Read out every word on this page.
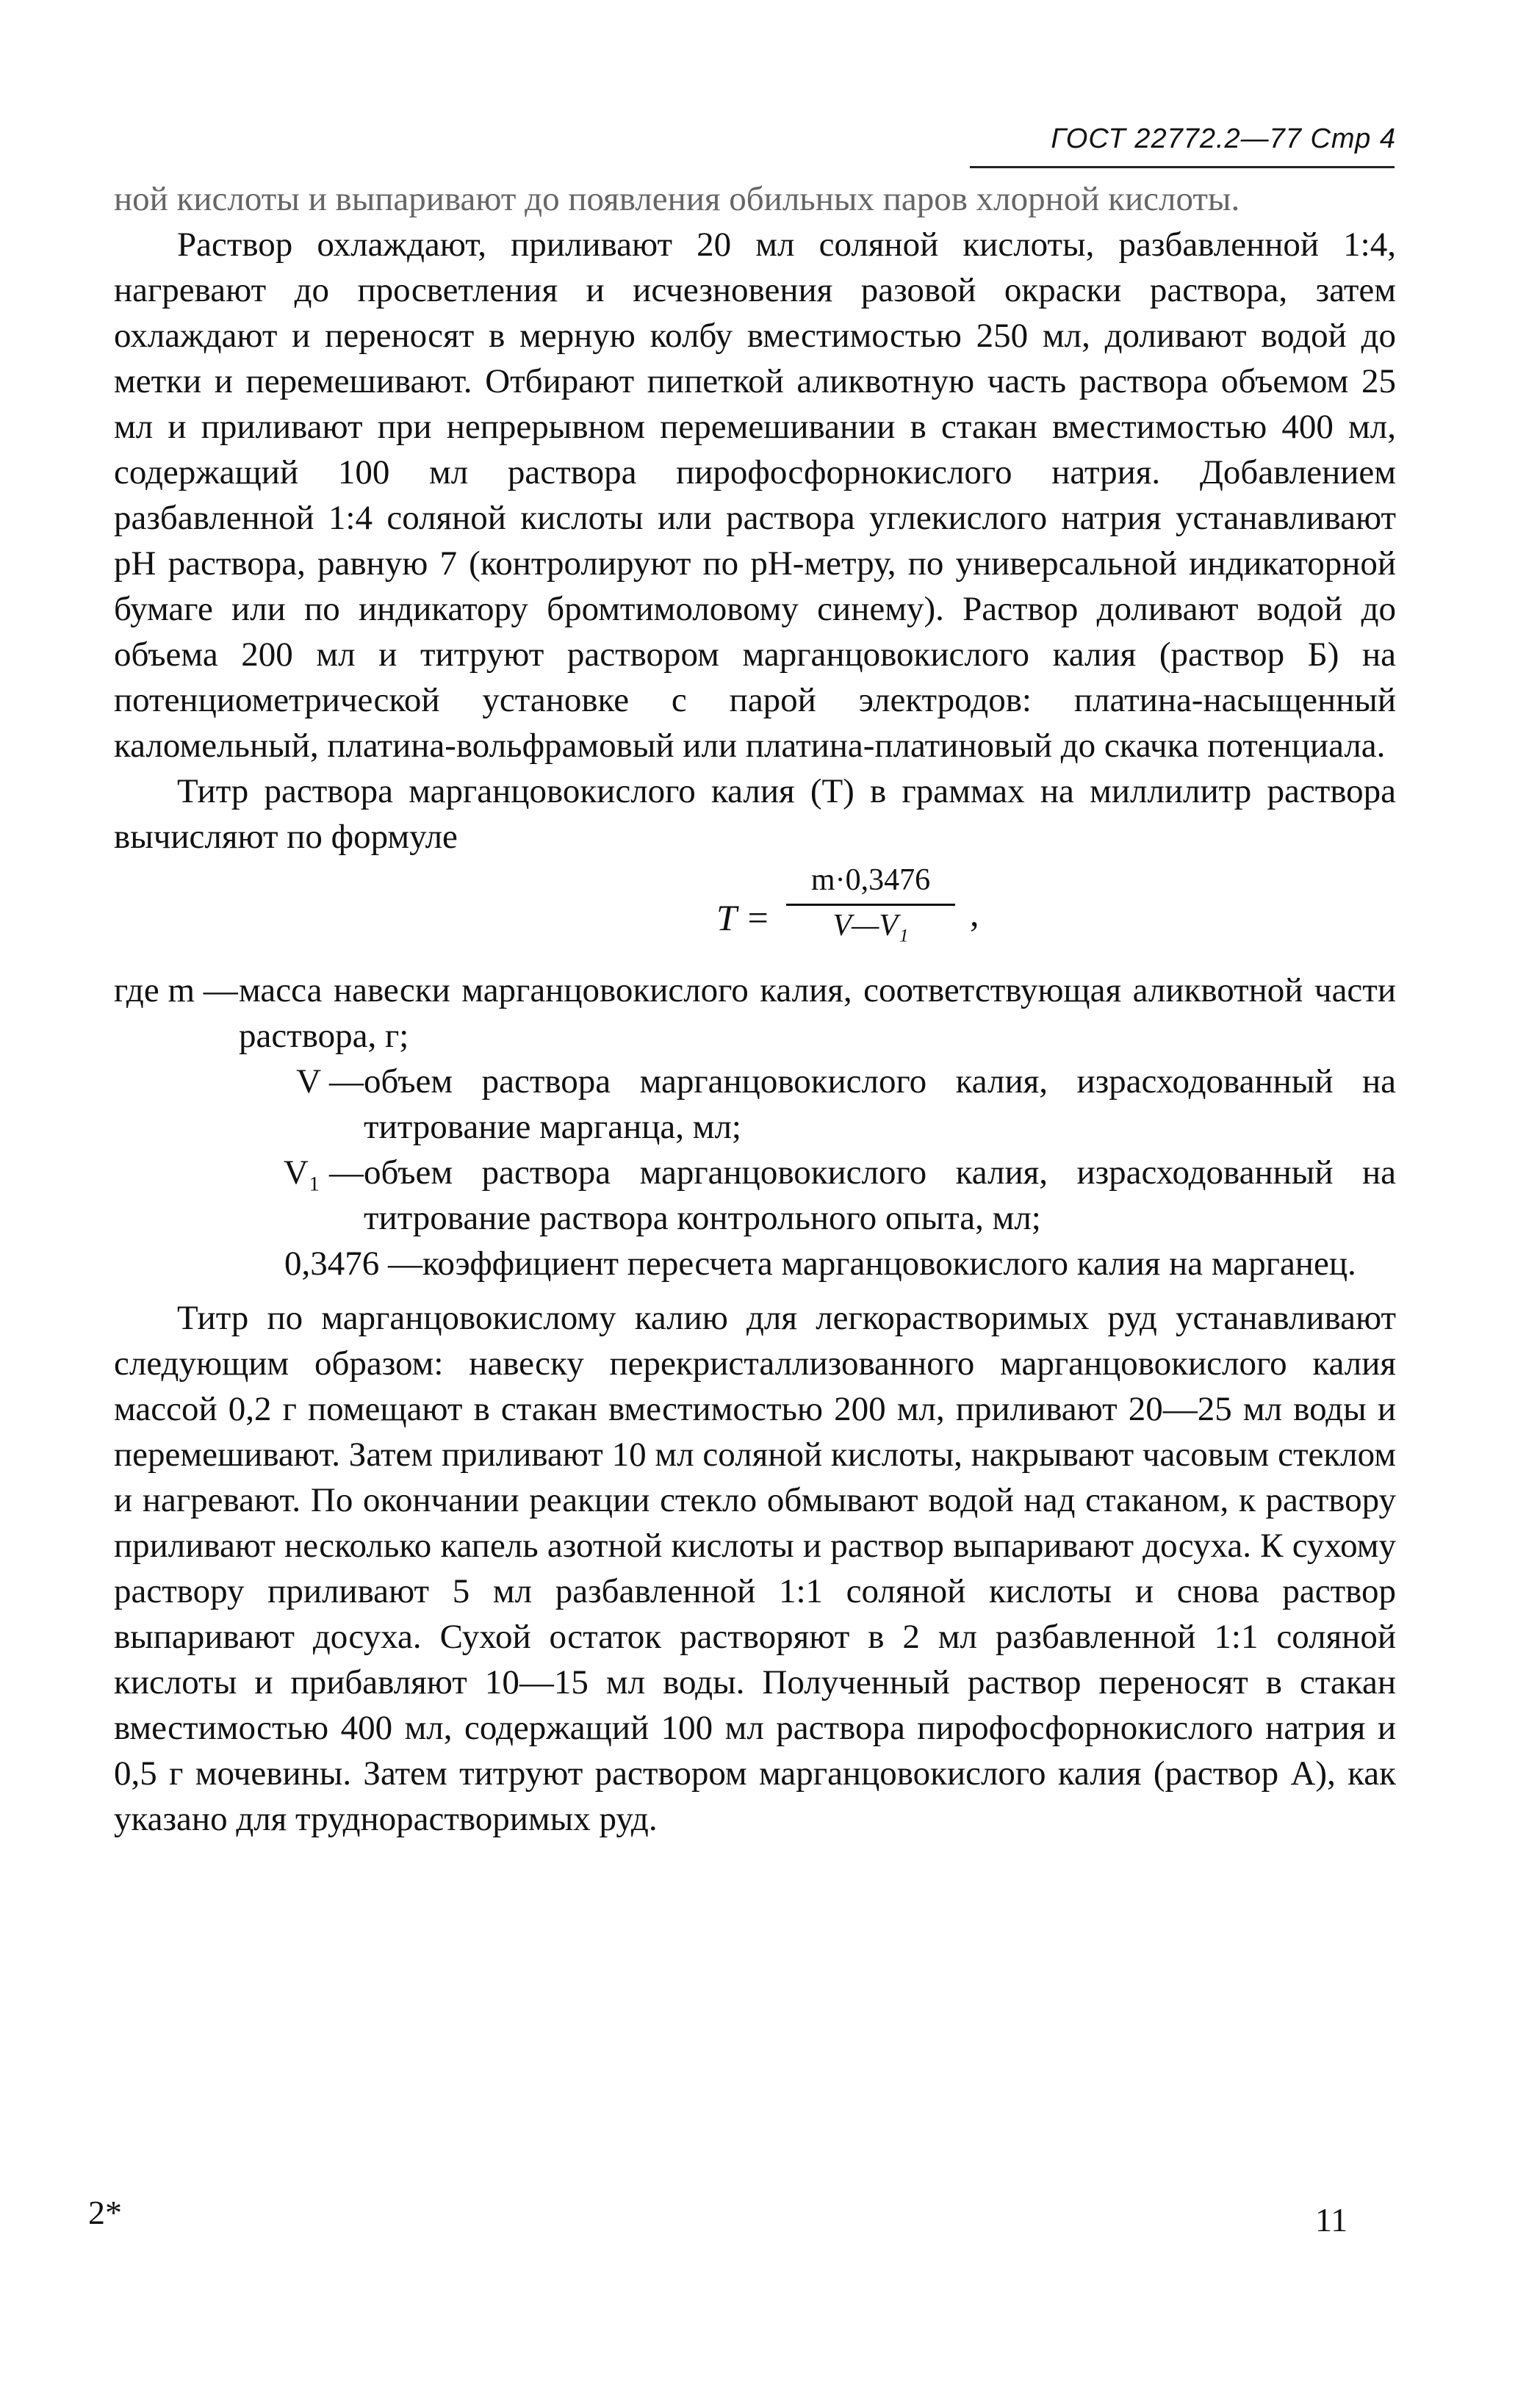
ГОСТ 22772.2—77 Стр 4

ной кислоты и выпаривают до появления обильных паров хлорной кислоты.

Раствор охлаждают, приливают 20 мл соляной кислоты, разбавленной 1:4, нагревают до просветления и исчезновения разовой окраски раствора, затем охлаждают и переносят в мерную колбу вместимостью 250 мл, доливают водой до метки и перемешивают. Отбирают пипеткой аликвотную часть раствора объемом 25 мл и приливают при непрерывном перемешивании в стакан вместимостью 400 мл, содержащий 100 мл раствора пирофосфорнокислого натрия. Добавлением разбавленной 1:4 соляной кислоты или раствора углекислого натрия устанавливают pH раствора, равную 7 (контролируют по pH-метру, по универсальной индикаторной бумаге или по индикатору бромтимоловому синему). Раствор доливают водой до объема 200 мл и титруют раствором марганцовокислого калия (раствор Б) на потенциометрической установке с парой электродов: платина-насыщенный каломельный, платина-вольфрамовый или платина-платиновый до скачка потенциала.

Титр раствора марганцовокислого калия (T) в граммах на миллилитр раствора вычисляют по формуле

T =
m·0,3476
V—V₁	,
где m — масса навески марганцовокислого калия, соответствующая аликвотной части раствора, г;
V — объем раствора марганцовокислого калия, израсходованный на титрование марганца, мл;
V₁ — объем раствора марганцовокислого калия, израсходованный на титрование раствора контрольного опыта, мл;
0,3476 — коэффициент пересчета марганцовокислого калия на марганец.

Титр по марганцовокислому калию для легкорастворимых руд устанавливают следующим образом: навеску перекристаллизованного марганцовокислого калия массой 0,2 г помещают в стакан вместимостью 200 мл, приливают 20—25 мл воды и перемешивают. Затем приливают 10 мл соляной кислоты, накрывают часовым стеклом и нагревают. По окончании реакции стекло обмывают водой над стаканом, к раствору приливают несколько капель азотной кислоты и раствор выпаривают досуха. К сухому раствору приливают 5 мл разбавленной 1:1 соляной кислоты и снова раствор выпаривают досуха. Сухой остаток растворяют в 2 мл разбавленной 1:1 соляной кислоты и прибавляют 10—15 мл воды. Полученный раствор переносят в стакан вместимостью 400 мл, содержащий 100 мл раствора пирофосфорнокислого натрия и 0,5 г мочевины. Затем титруют раствором марганцовокислого калия (раствор А), как указано для труднорастворимых руд.

2*	11
